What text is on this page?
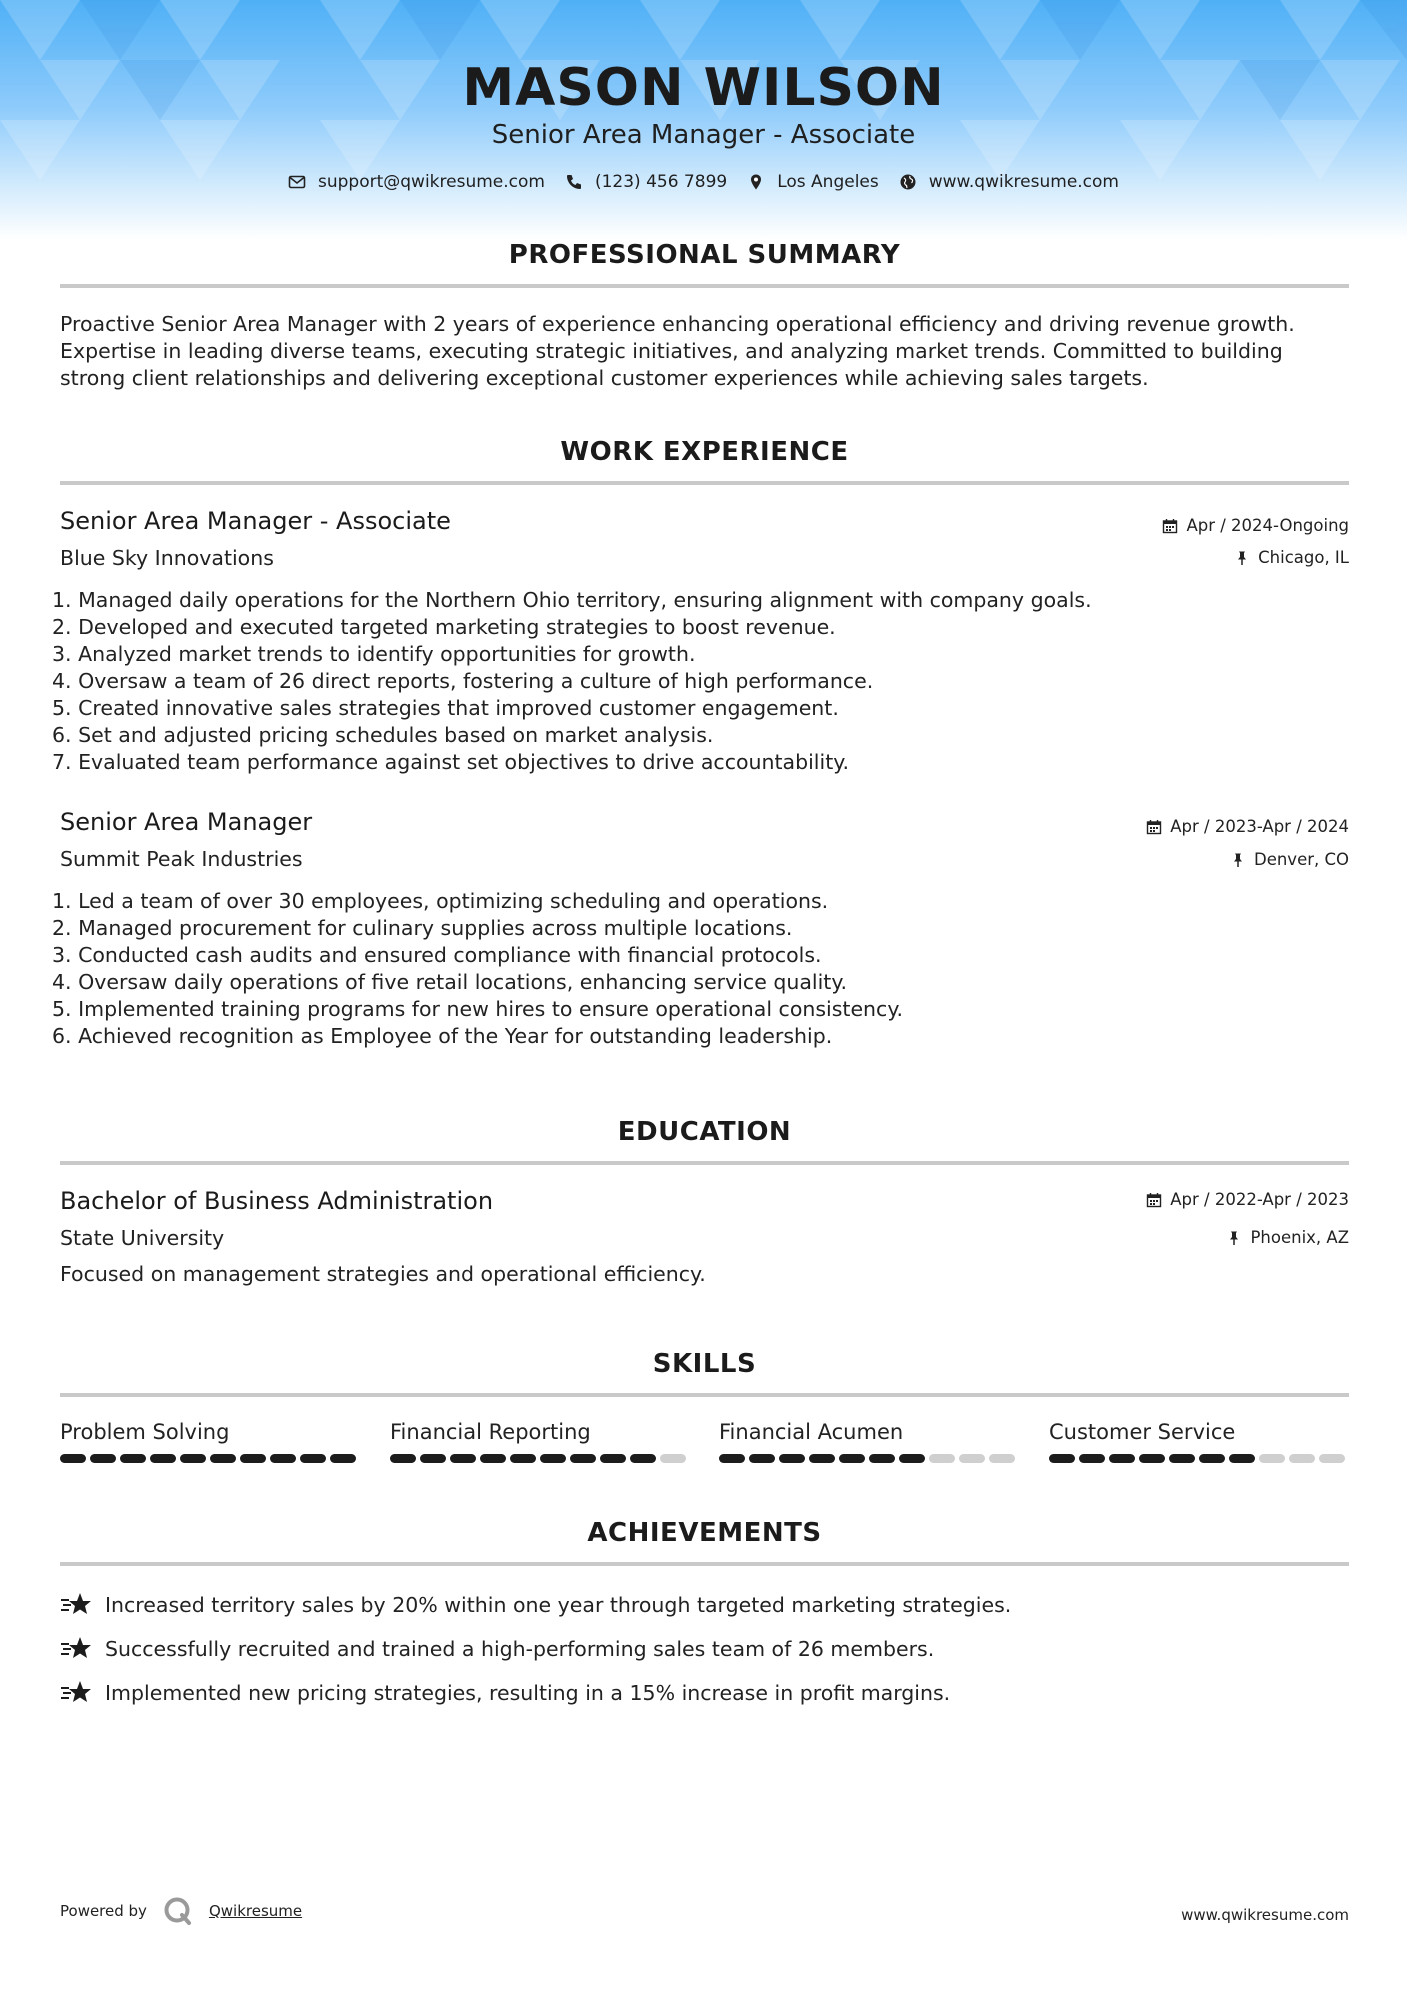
MASON WILSON
Senior Area Manager - Associate
support@qwikresume.com	(123) 456 7899	Los Angeles	www.qwikresume.com
PROFESSIONAL SUMMARY
Proactive Senior Area Manager with 2 years of experience enhancing operational efficiency and driving revenue growth. Expertise in leading diverse teams, executing strategic initiatives, and analyzing market trends. Committed to building strong client relationships and delivering exceptional customer experiences while achieving sales targets.
WORK EXPERIENCE
Senior Area Manager - Associate	Apr / 2024-Ongoing
Blue Sky Innovations	Chicago, IL
1. Managed daily operations for the Northern Ohio territory, ensuring alignment with company goals.
2. Developed and executed targeted marketing strategies to boost revenue.
3. Analyzed market trends to identify opportunities for growth.
4. Oversaw a team of 26 direct reports, fostering a culture of high performance.
5. Created innovative sales strategies that improved customer engagement.
6. Set and adjusted pricing schedules based on market analysis.
7. Evaluated team performance against set objectives to drive accountability.
Senior Area Manager	Apr / 2023-Apr / 2024
Summit Peak Industries	Denver, CO
1. Led a team of over 30 employees, optimizing scheduling and operations.
2. Managed procurement for culinary supplies across multiple locations.
3. Conducted cash audits and ensured compliance with financial protocols.
4. Oversaw daily operations of five retail locations, enhancing service quality.
5. Implemented training programs for new hires to ensure operational consistency.
6. Achieved recognition as Employee of the Year for outstanding leadership.
EDUCATION
Bachelor of Business Administration	Apr / 2022-Apr / 2023
State University	Phoenix, AZ
Focused on management strategies and operational efficiency.
SKILLS
Problem Solving	Financial Reporting	Financial Acumen	Customer Service
ACHIEVEMENTS
Increased territory sales by 20% within one year through targeted marketing strategies.
Successfully recruited and trained a high-performing sales team of 26 members.
Implemented new pricing strategies, resulting in a 15% increase in profit margins.
Powered by	Qwikresume	www.qwikresume.com
